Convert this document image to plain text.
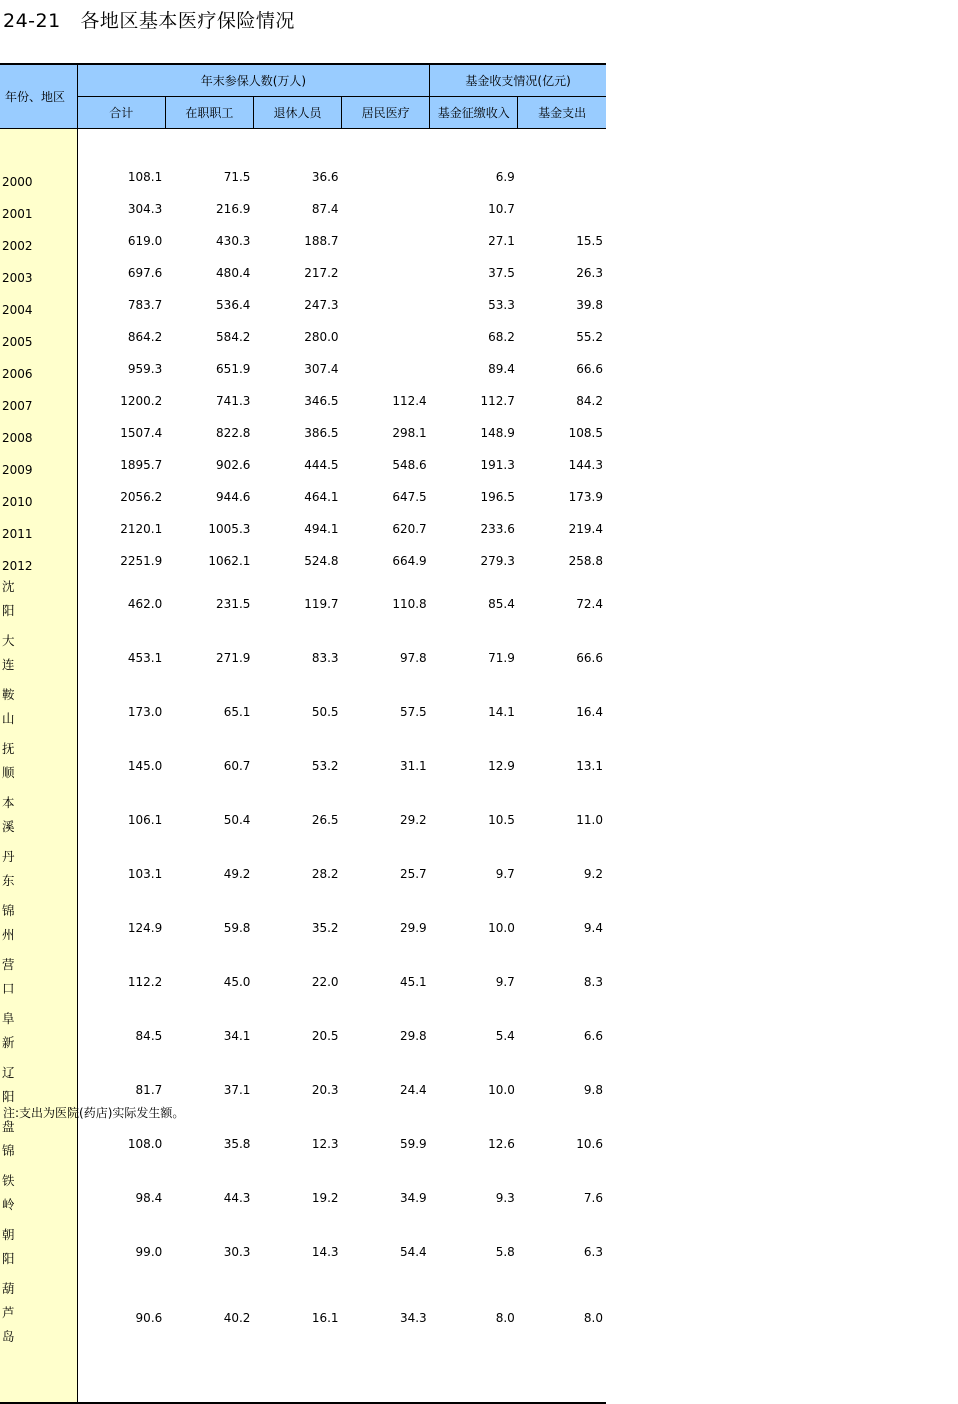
24-21   各地区基本医疗保险情况
年份、地区	年末参保人数(万人)				基金收支情况(亿元)	
	合计	在职职工	退休人员	居民医疗	基金征缴收入	基金支出

2000	108.1	71.5	36.6		6.9	

2001	304.3	216.9	87.4		10.7	

2002	619.0	430.3	188.7		27.1	15.5

2003	697.6	480.4	217.2		37.5	26.3

2004	783.7	536.4	247.3		53.3	39.8

2005	864.2	584.2	280.0		68.2	55.2

2006	959.3	651.9	307.4		89.4	66.6

2007	1200.2	741.3	346.5	112.4	112.7	84.2

2008	1507.4	822.8	386.5	298.1	148.9	108.5

2009	1895.7	902.6	444.5	548.6	191.3	144.3

2010	2056.2	944.6	464.1	647.5	196.5	173.9

2011	2120.1	1005.3	494.1	620.7	233.6	219.4

2012	2251.9	1062.1	524.8	664.9	279.3	258.8

沈
阳	462.0	231.5	119.7	110.8	85.4	72.4

大
连	453.1	271.9	83.3	97.8	71.9	66.6

鞍
山	173.0	65.1	50.5	57.5	14.1	16.4

抚
顺	145.0	60.7	53.2	31.1	12.9	13.1

本
溪	106.1	50.4	26.5	29.2	10.5	11.0

丹
东	103.1	49.2	28.2	25.7	9.7	9.2

锦
州	124.9	59.8	35.2	29.9	10.0	9.4

营
口	112.2	45.0	22.0	45.1	9.7	8.3

阜
新	84.5	34.1	20.5	29.8	5.4	6.6

辽
阳	81.7	37.1	20.3	24.4	10.0	9.8

盘
锦	108.0	35.8	12.3	59.9	12.6	10.6

铁
岭	98.4	44.3	19.2	34.9	9.3	7.6

朝
阳	99.0	30.3	14.3	54.4	5.8	6.3

葫
芦
岛	90.6	40.2	16.1	34.3	8.0	8.0

注:支出为医院(药店)实际发生额。
